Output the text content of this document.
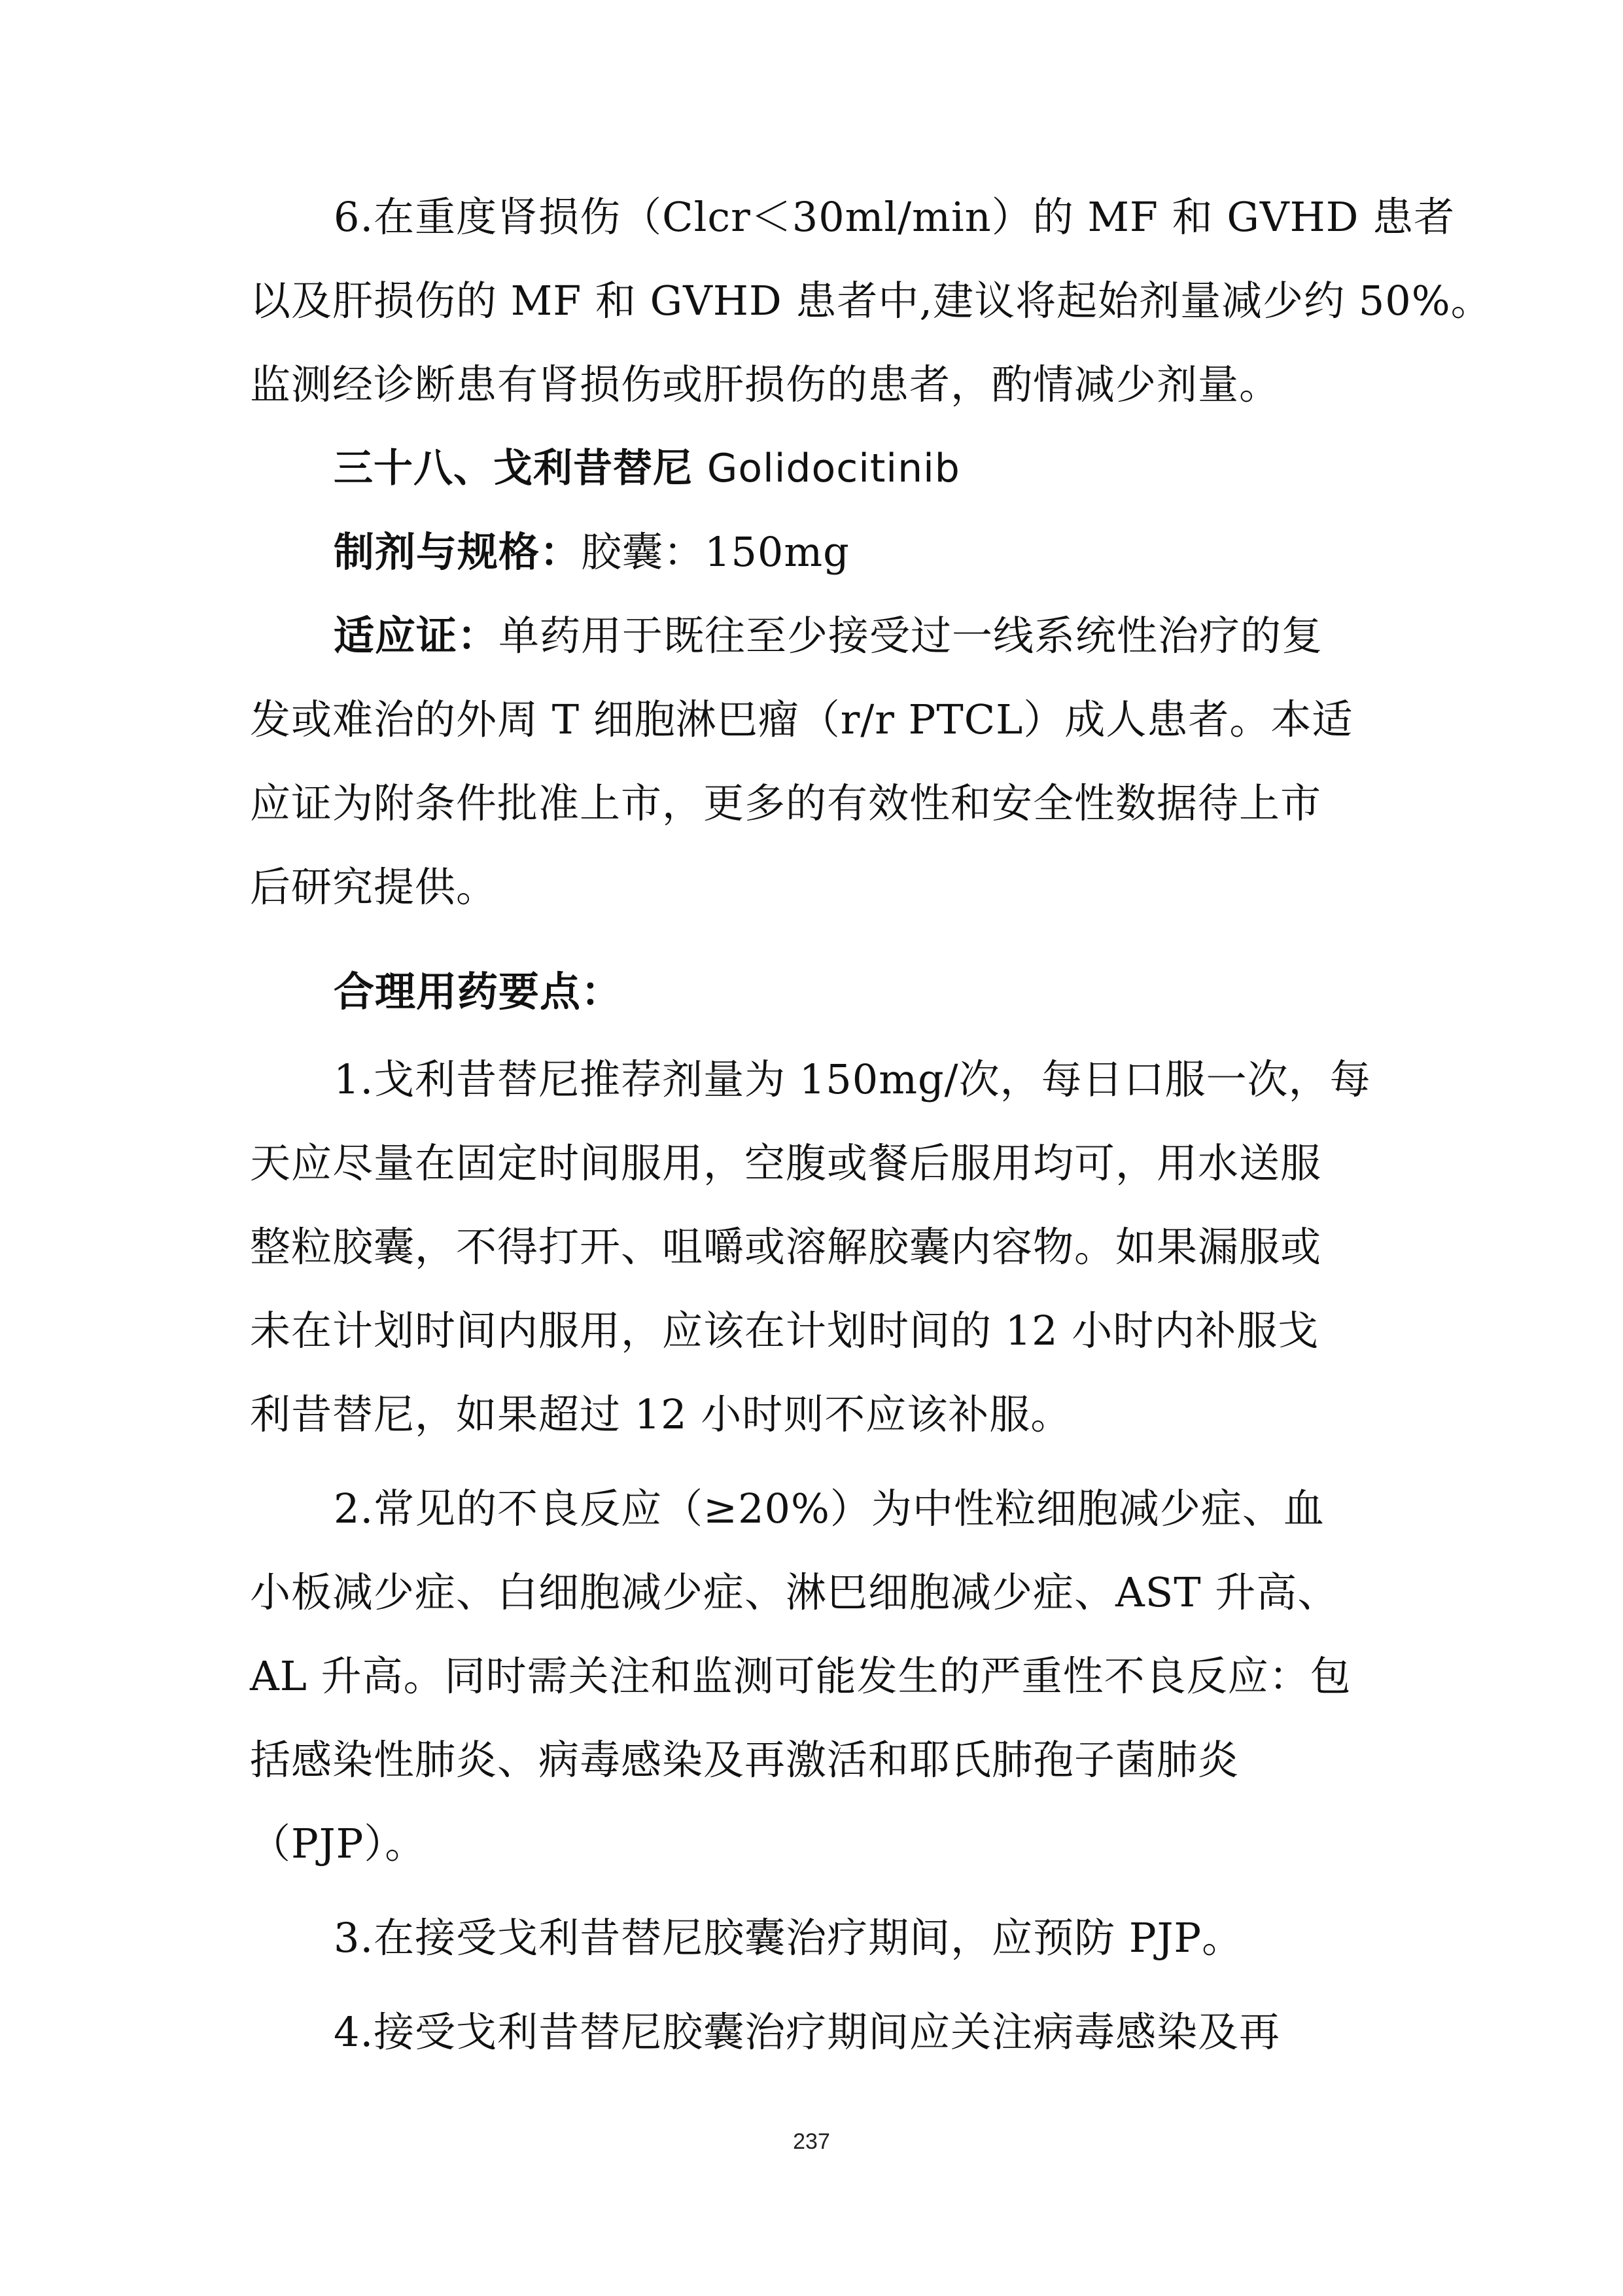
6.在重度肾损伤（Clcr＜30ml/min）的 MF 和 GVHD 患者
以及肝损伤的 MF 和 GVHD 患者中,建议将起始剂量减少约 50%。
监测经诊断患有肾损伤或肝损伤的患者，酌情减少剂量。
三十八、戈利昔替尼 Golidocitinib
制剂与规格：胶囊：150mg
适应证：单药用于既往至少接受过一线系统性治疗的复
发或难治的外周 T 细胞淋巴瘤（r/r PTCL）成人患者。本适
应证为附条件批准上市，更多的有效性和安全性数据待上市
后研究提供。
合理用药要点：
1.戈利昔替尼推荐剂量为 150mg/次，每日口服一次，每
天应尽量在固定时间服用，空腹或餐后服用均可，用水送服
整粒胶囊，不得打开、咀嚼或溶解胶囊内容物。如果漏服或
未在计划时间内服用，应该在计划时间的 12 小时内补服戈
利昔替尼，如果超过 12 小时则不应该补服。
2.常见的不良反应（≥20%）为中性粒细胞减少症、血
小板减少症、白细胞减少症、淋巴细胞减少症、AST 升高、
AL 升高。同时需关注和监测可能发生的严重性不良反应：包
括感染性肺炎、病毒感染及再激活和耶氏肺孢子菌肺炎
（PJP）。
3.在接受戈利昔替尼胶囊治疗期间，应预防 PJP。
4.接受戈利昔替尼胶囊治疗期间应关注病毒感染及再
237
